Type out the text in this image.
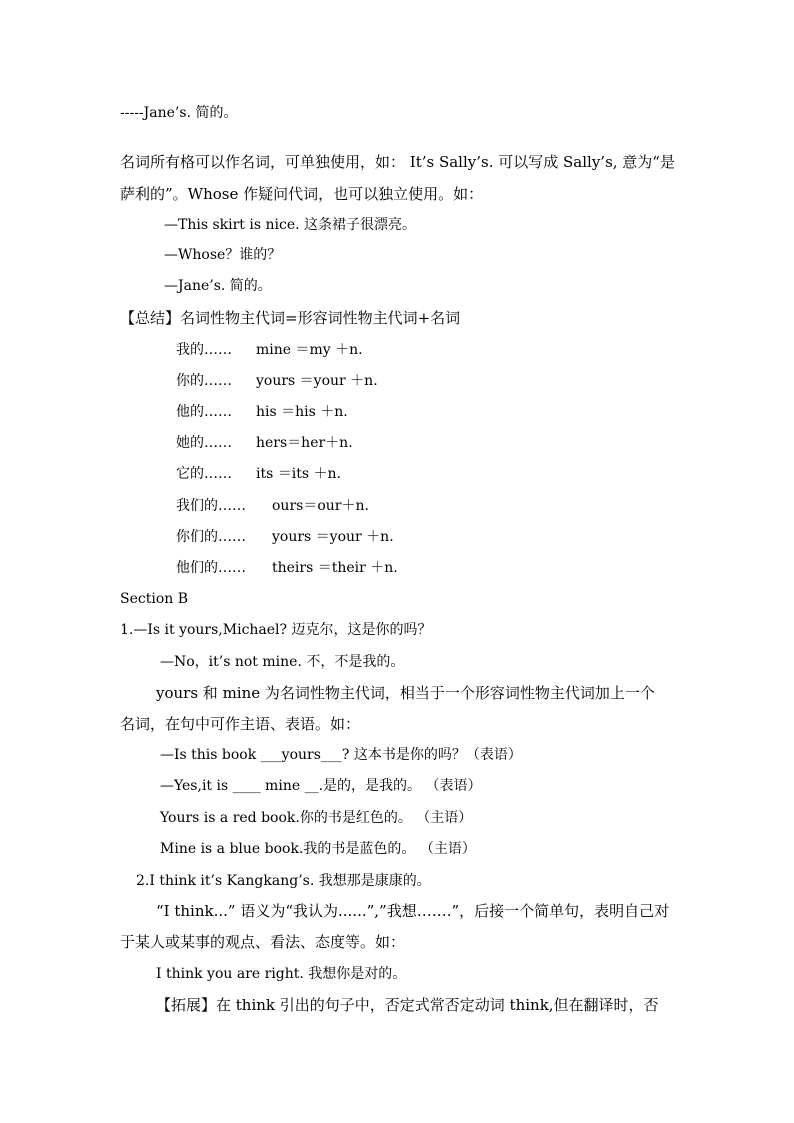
-----Jane’s. 简的。
名词所有格可以作名词，可单独使用，如： It’s Sally’s. 可以写成 Sally’s, 意为“是
萨利的”。Whose 作疑问代词，也可以独立使用。如：
—This skirt is nice. 这条裙子很漂亮。
—Whose？谁的？
—Jane’s. 简的。
【总结】名词性物主代词=形容词性物主代词+名词
我的…… mine ＝my ＋n.
你的…… yours ＝your ＋n.
他的…… his ＝his ＋n.
她的…… hers＝her＋n.
它的…… its ＝its ＋n.
我们的…… ours＝our＋n.
你们的…… yours ＝your ＋n.
他们的…… theirs ＝their ＋n.
Section B
1.—Is it yours,Michael? 迈克尔，这是你的吗？
—No，it’s not mine. 不，不是我的。
yours 和 mine 为名词性物主代词，相当于一个形容词性物主代词加上一个
名词，在句中可作主语、表语。如：
—Is this book ___yours___? 这本书是你的吗？（表语）
—Yes,it is ____ mine __.是的，是我的。 （表语）
Yours is a red book.你的书是红色的。 （主语）
Mine is a blue book.我的书是蓝色的。 （主语）
2.I think it’s Kangkang’s. 我想那是康康的。
“I think...” 语义为“我认为......”,”我想…….”，后接一个简单句，表明自己对
于某人或某事的观点、看法、态度等。如：
I think you are right. 我想你是对的。
【拓展】在 think 引出的句子中，否定式常否定动词 think,但在翻译时，否
